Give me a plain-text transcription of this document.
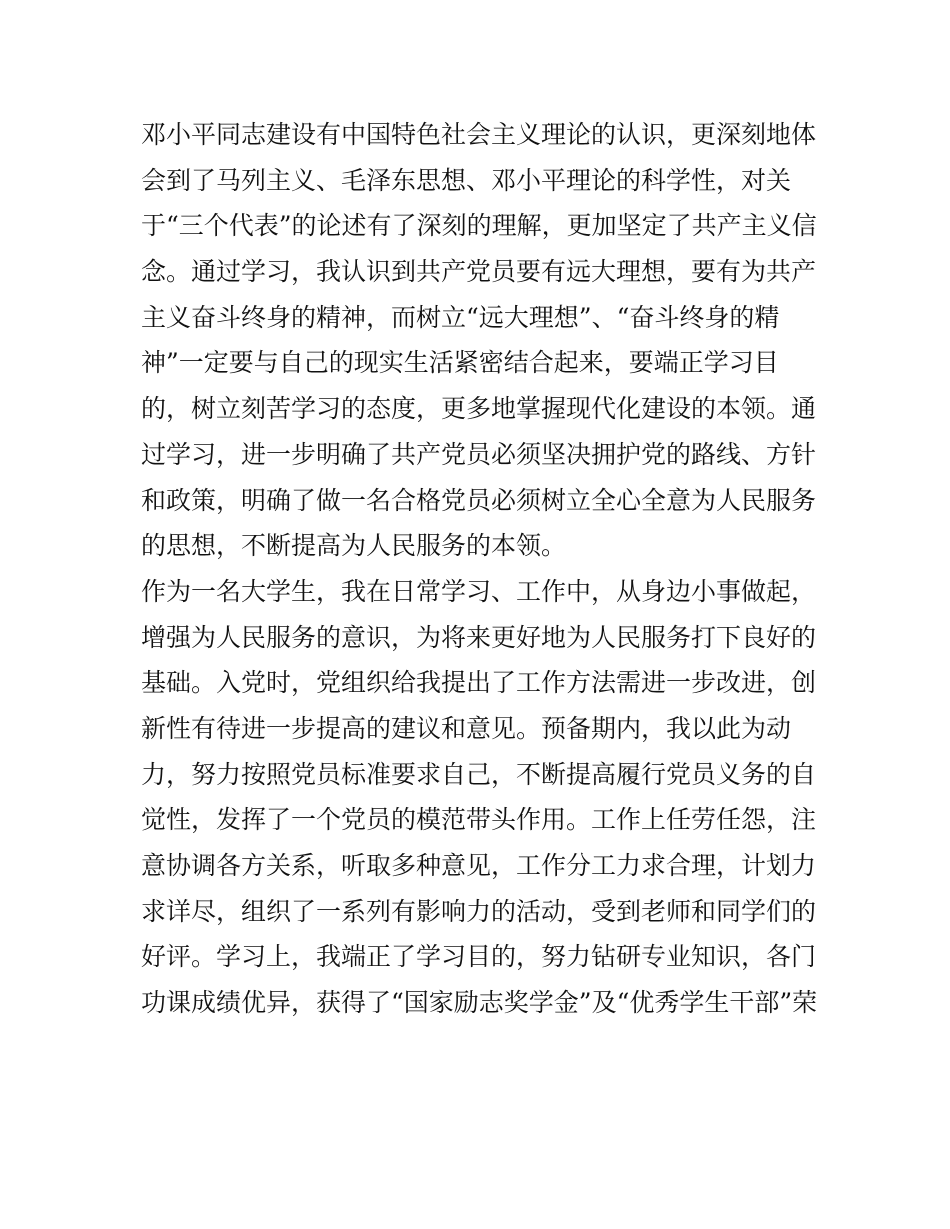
邓小平同志建设有中国特色社会主义理论的认识，更深刻地体
会到了马列主义、毛泽东思想、邓小平理论的科学性，对关
于“三个代表”的论述有了深刻的理解，更加坚定了共产主义信
念。通过学习，我认识到共产党员要有远大理想，要有为共产
主义奋斗终身的精神，而树立“远大理想”、“奋斗终身的精
神”一定要与自己的现实生活紧密结合起来，要端正学习目
的，树立刻苦学习的态度，更多地掌握现代化建设的本领。通
过学习，进一步明确了共产党员必须坚决拥护党的路线、方针
和政策，明确了做一名合格党员必须树立全心全意为人民服务
的思想，不断提高为人民服务的本领。
作为一名大学生，我在日常学习、工作中，从身边小事做起，
增强为人民服务的意识，为将来更好地为人民服务打下良好的
基础。入党时，党组织给我提出了工作方法需进一步改进，创
新性有待进一步提高的建议和意见。预备期内，我以此为动
力，努力按照党员标准要求自己，不断提高履行党员义务的自
觉性，发挥了一个党员的模范带头作用。工作上任劳任怨，注
意协调各方关系，听取多种意见，工作分工力求合理，计划力
求详尽，组织了一系列有影响力的活动，受到老师和同学们的
好评。学习上，我端正了学习目的，努力钻研专业知识，各门
功课成绩优异，获得了“国家励志奖学金”及“优秀学生干部”荣
